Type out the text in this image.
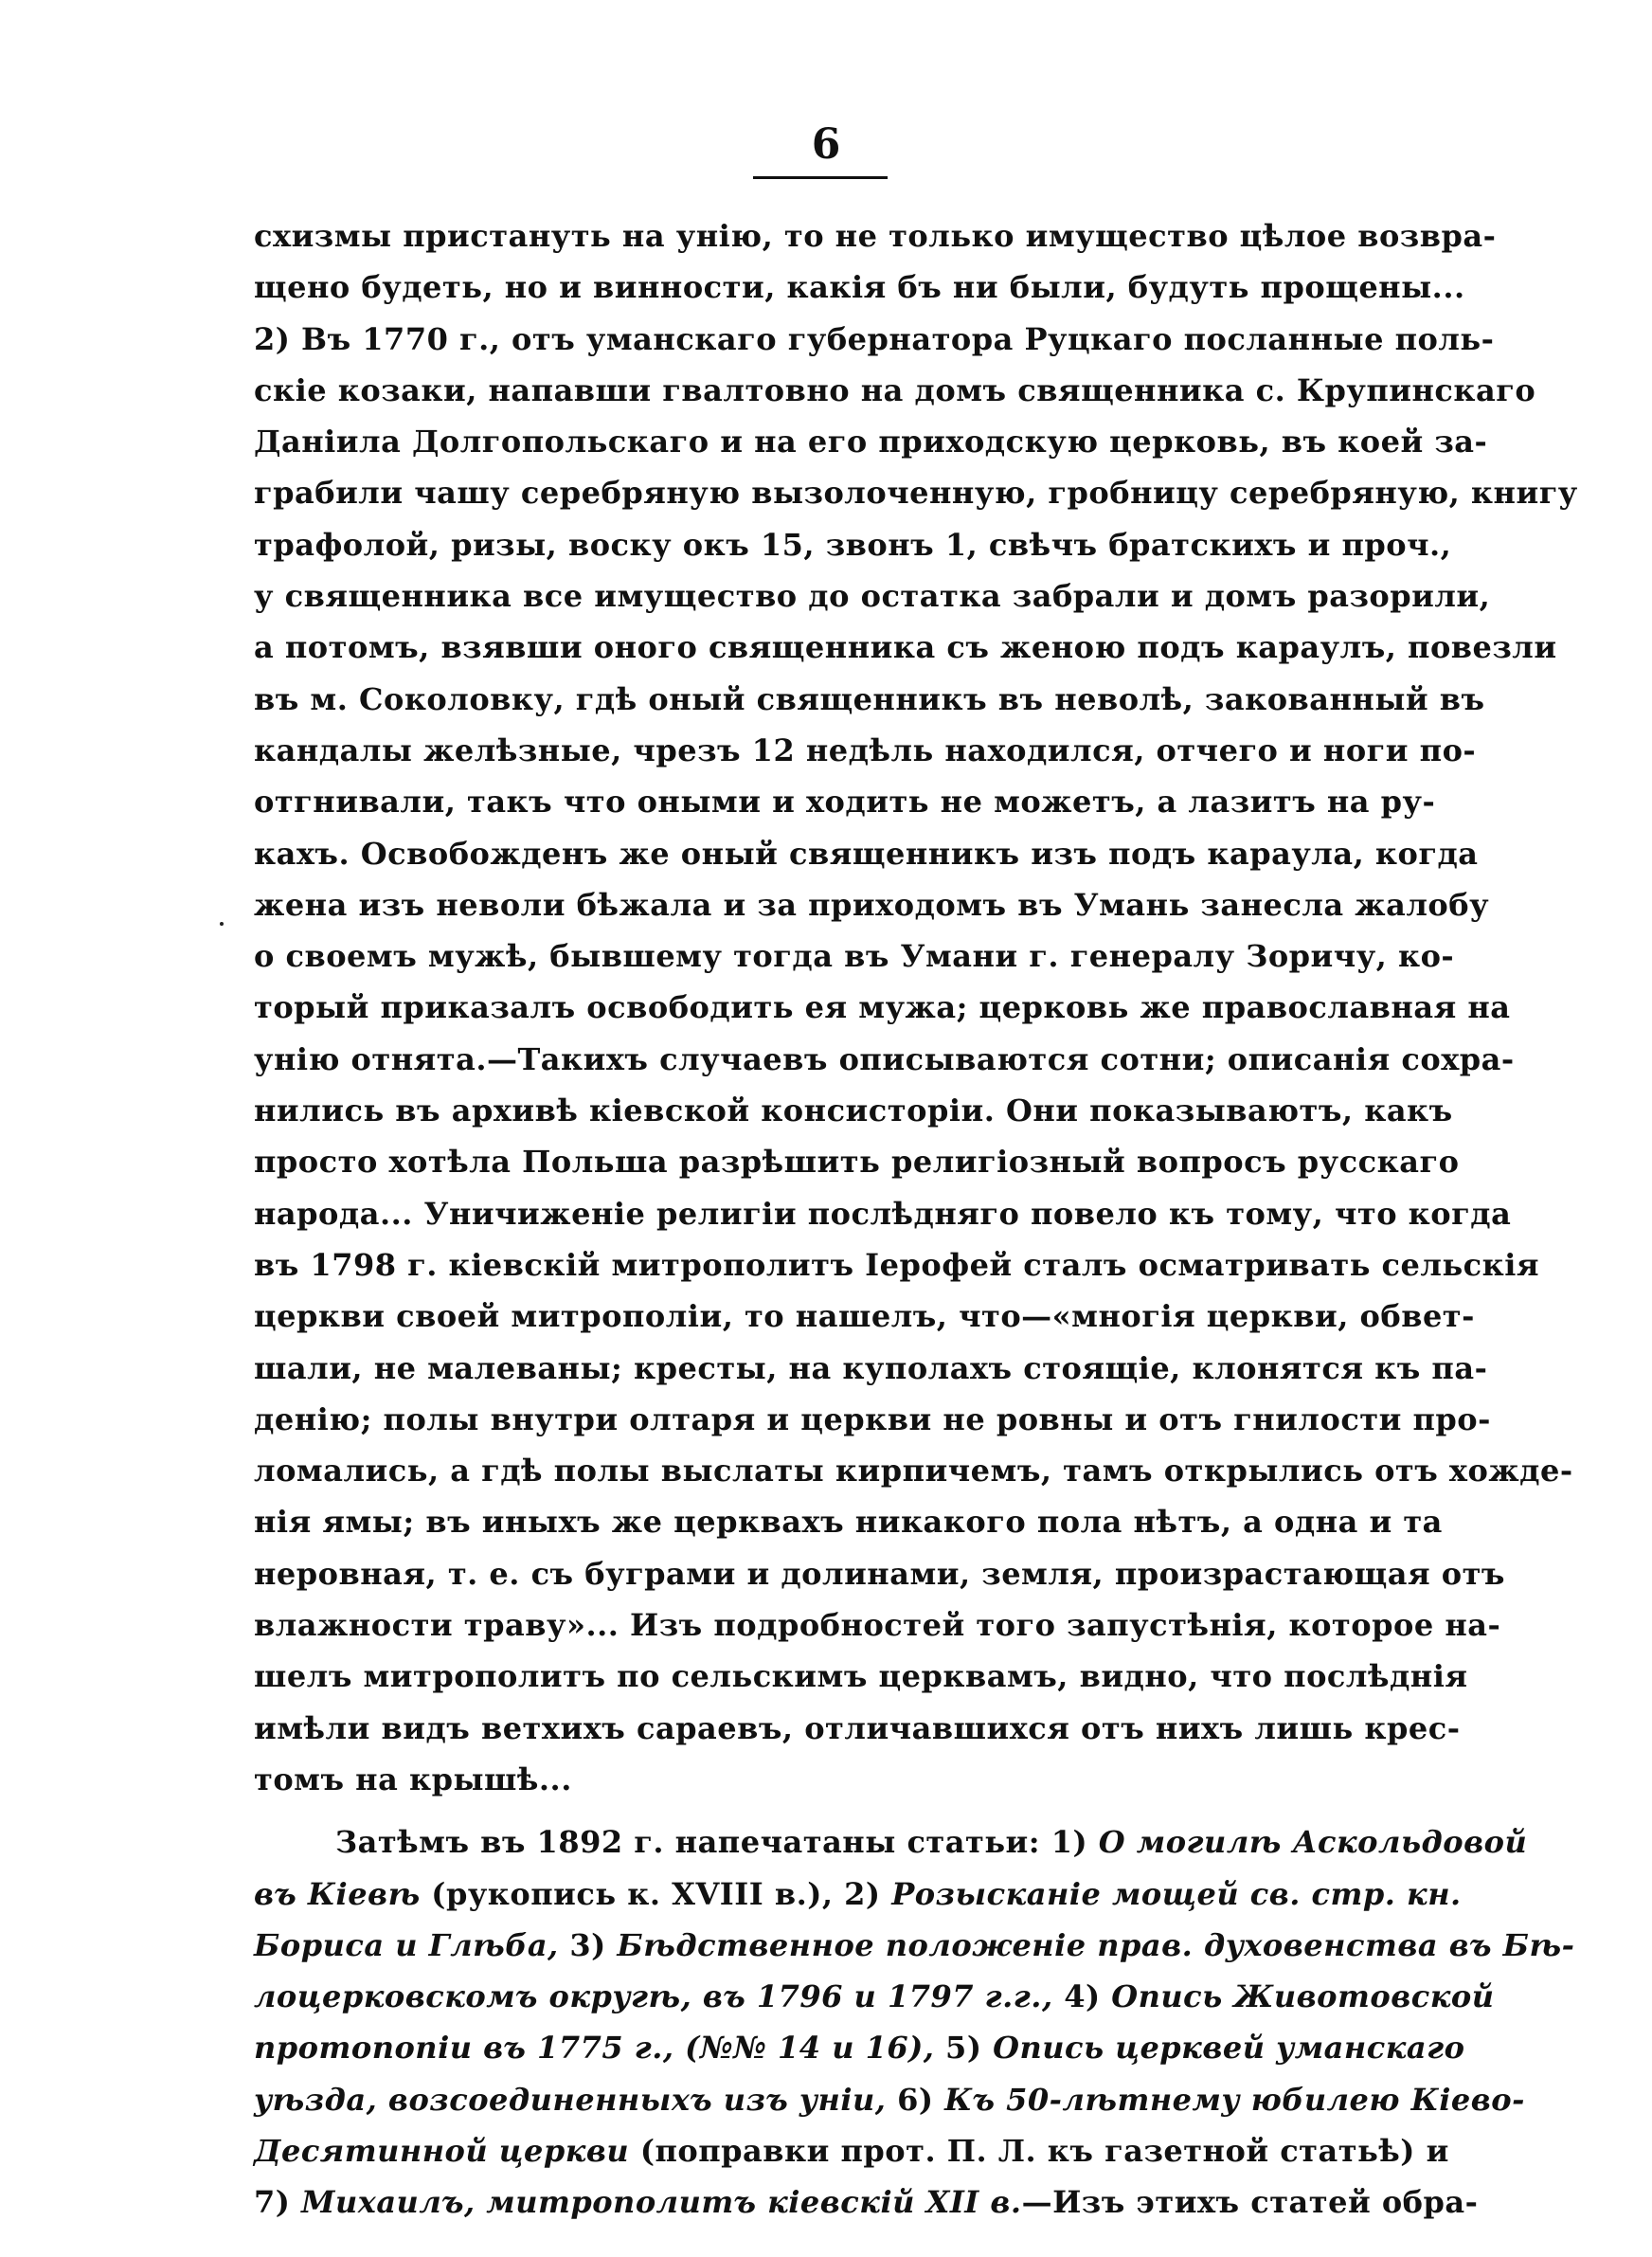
6
схизмы пристануть на унію, то не только имущество цѣлое возвра-
щено будеть, но и винности, какія бъ ни были, будуть прощены...
2) Въ 1770 г., отъ уманскаго губернатора Руцкаго посланные поль-
скіе козаки, напавши гвалтовно на домъ священника с. Крупинскаго
Даніила Долгопольскаго и на его приходскую церковь, въ коей за-
грабили чашу серебряную вызолоченную, гробницу серебряную, книгу
трафолой, ризы, воску окъ 15, звонъ 1, свѣчъ братскихъ и проч.,
у священника все имущество до остатка забрали и домъ разорили,
а потомъ, взявши оного священника съ женою подъ караулъ, повезли
въ м. Соколовку, гдѣ оный священникъ въ неволѣ, закованный въ
кандалы желѣзные, чрезъ 12 недѣль находился, отчего и ноги по-
отгнивали, такъ что оными и ходить не можетъ, а лазитъ на ру-
кахъ. Освобожденъ же оный священникъ изъ подъ караула, когда
жена изъ неволи бѣжала и за приходомъ въ Умань занесла жалобу
о своемъ мужѣ, бывшему тогда въ Умани г. генералу Зоричу, ко-
торый приказалъ освободить ея мужа; церковь же православная на
унію отнята.—Такихъ случаевъ описываются сотни; описанія сохра-
нились въ архивѣ кіевской консисторіи. Они показываютъ, какъ
просто хотѣла Польша разрѣшить религіозный вопросъ русскаго
народа... Уничиженіе религіи послѣдняго повело къ тому, что когда
въ 1798 г. кіевскій митрополитъ Іерофей сталъ осматривать сельскія
церкви своей митрополіи, то нашелъ, что—«многія церкви, обвет-
шали, не малеваны; кресты, на куполахъ стоящіе, клонятся къ па-
денію; полы внутри олтаря и церкви не ровны и отъ гнилости про-
ломались, а гдѣ полы выслаты кирпичемъ, тамъ открылись отъ хожде-
нія ямы; въ иныхъ же церквахъ никакого пола нѣтъ, а одна и та
неровная, т. е. съ буграми и долинами, земля, произрастающая отъ
влажности траву»... Изъ подробностей того запустѣнія, которое на-
шелъ митрополитъ по сельскимъ церквамъ, видно, что послѣднія
имѣли видъ ветхихъ сараевъ, отличавшихся отъ нихъ лишь крес-
томъ на крышѣ...
Затѣмъ въ 1892 г. напечатаны статьи: 1) О могилѣ Аскольдовой
въ Кіевѣ (рукопись к. XVIII в.), 2) Розысканіе мощей св. стр. кн.
Бориса и Глѣба, 3) Бѣдственное положеніе прав. духовенства въ Бѣ-
лоцерковскомъ округѣ, въ 1796 и 1797 г.г., 4) Опись Животовской
протопопіи въ 1775 г., (№№ 14 и 16), 5) Опись церквей уманскаго
уѣзда, возсоединенныхъ изъ уніи, 6) Къ 50-лѣтнему юбилею Кіево-
Десятинной церкви (поправки прот. П. Л. къ газетной статьѣ) и
7) Михаилъ, митрополитъ кіевскій XII в.—Изъ этихъ статей обра-
